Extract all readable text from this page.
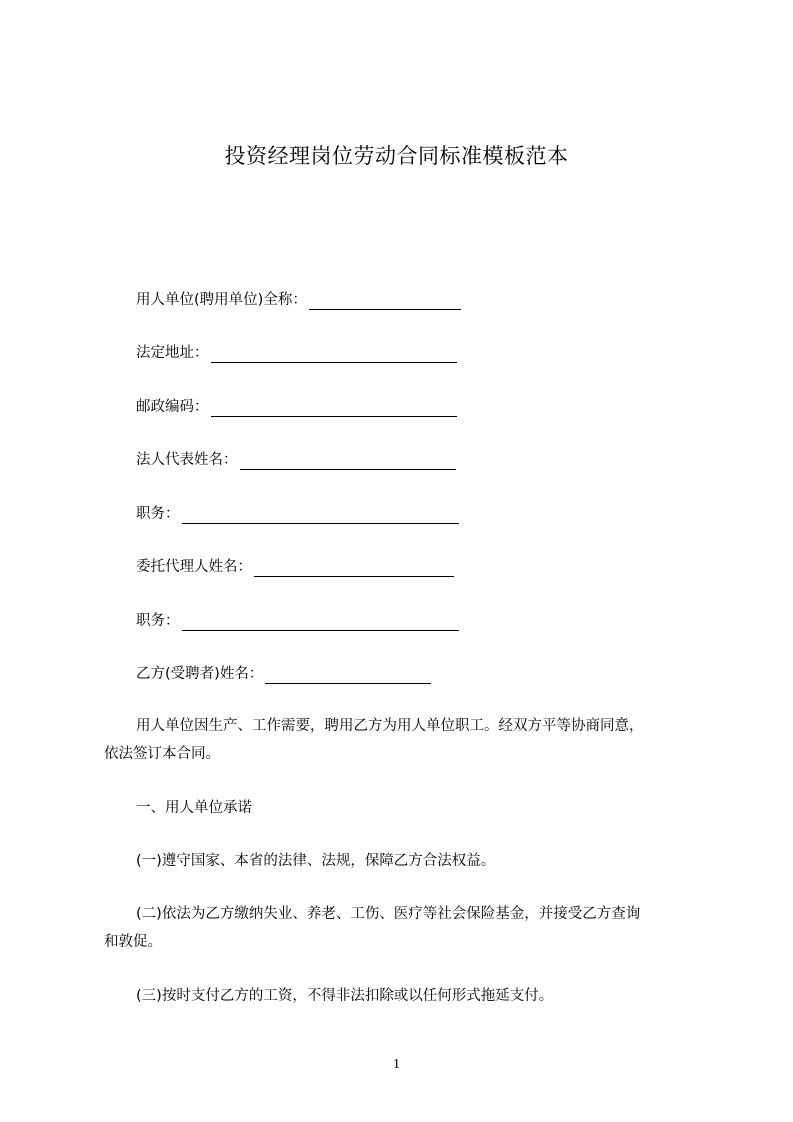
投资经理岗位劳动合同标准模板范本
用人单位(聘用单位)全称：
法定地址：
邮政编码：
法人代表姓名：
职务：
委托代理人姓名：
职务：
乙方(受聘者)姓名：
用人单位因生产、工作需要，聘用乙方为用人单位职工。经双方平等协商同意，
依法签订本合同。
一、用人单位承诺
(一)遵守国家、本省的法律、法规，保障乙方合法权益。
(二)依法为乙方缴纳失业、养老、工伤、医疗等社会保险基金，并接受乙方查询
和敦促。
(三)按时支付乙方的工资，不得非法扣除或以任何形式拖延支付。
1
